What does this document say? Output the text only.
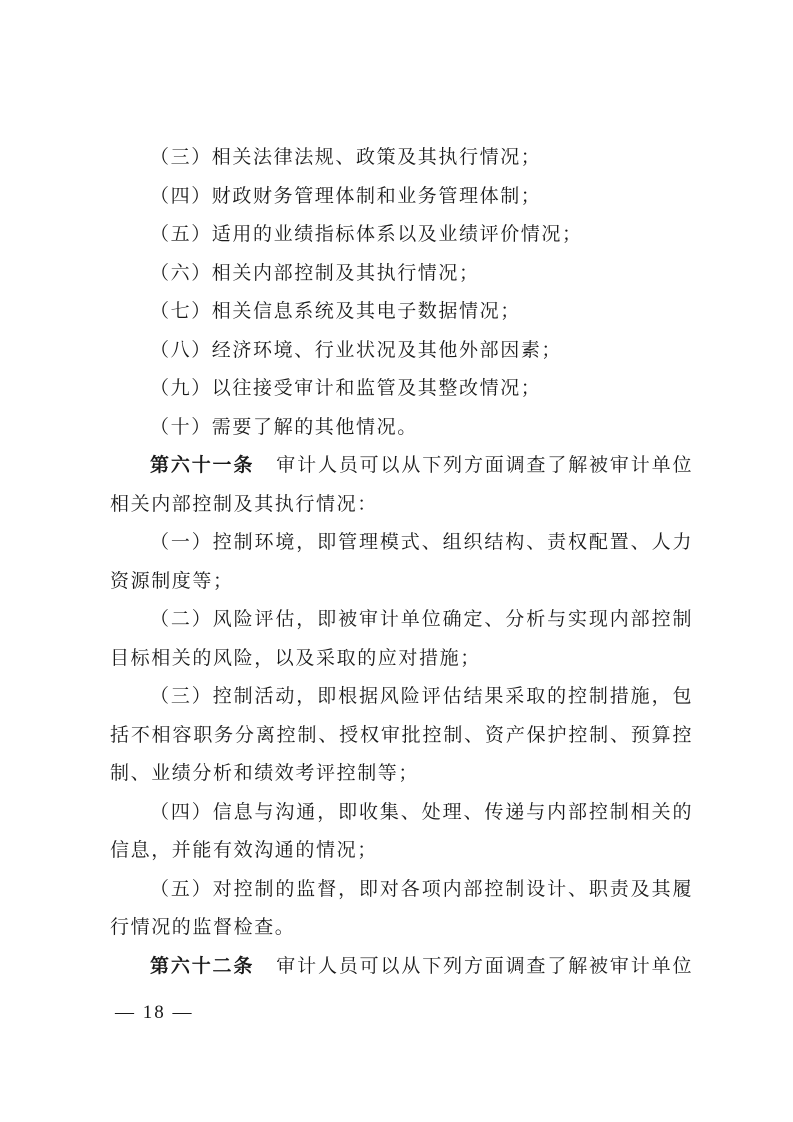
（三）相关法律法规、政策及其执行情况；
（四）财政财务管理体制和业务管理体制；
（五）适用的业绩指标体系以及业绩评价情况；
（六）相关内部控制及其执行情况；
（七）相关信息系统及其电子数据情况；
（八）经济环境、行业状况及其他外部因素；
（九）以往接受审计和监管及其整改情况；
（十）需要了解的其他情况。
第六十一条 审计人员可以从下列方面调查了解被审计单位
相关内部控制及其执行情况：
（一）控制环境，即管理模式、组织结构、责权配置、人力
资源制度等；
（二）风险评估，即被审计单位确定、分析与实现内部控制
目标相关的风险，以及采取的应对措施；
（三）控制活动，即根据风险评估结果采取的控制措施，包
括不相容职务分离控制、授权审批控制、资产保护控制、预算控
制、业绩分析和绩效考评控制等；
（四）信息与沟通，即收集、处理、传递与内部控制相关的
信息，并能有效沟通的情况；
（五）对控制的监督，即对各项内部控制设计、职责及其履
行情况的监督检查。
第六十二条 审计人员可以从下列方面调查了解被审计单位
— 18 —
